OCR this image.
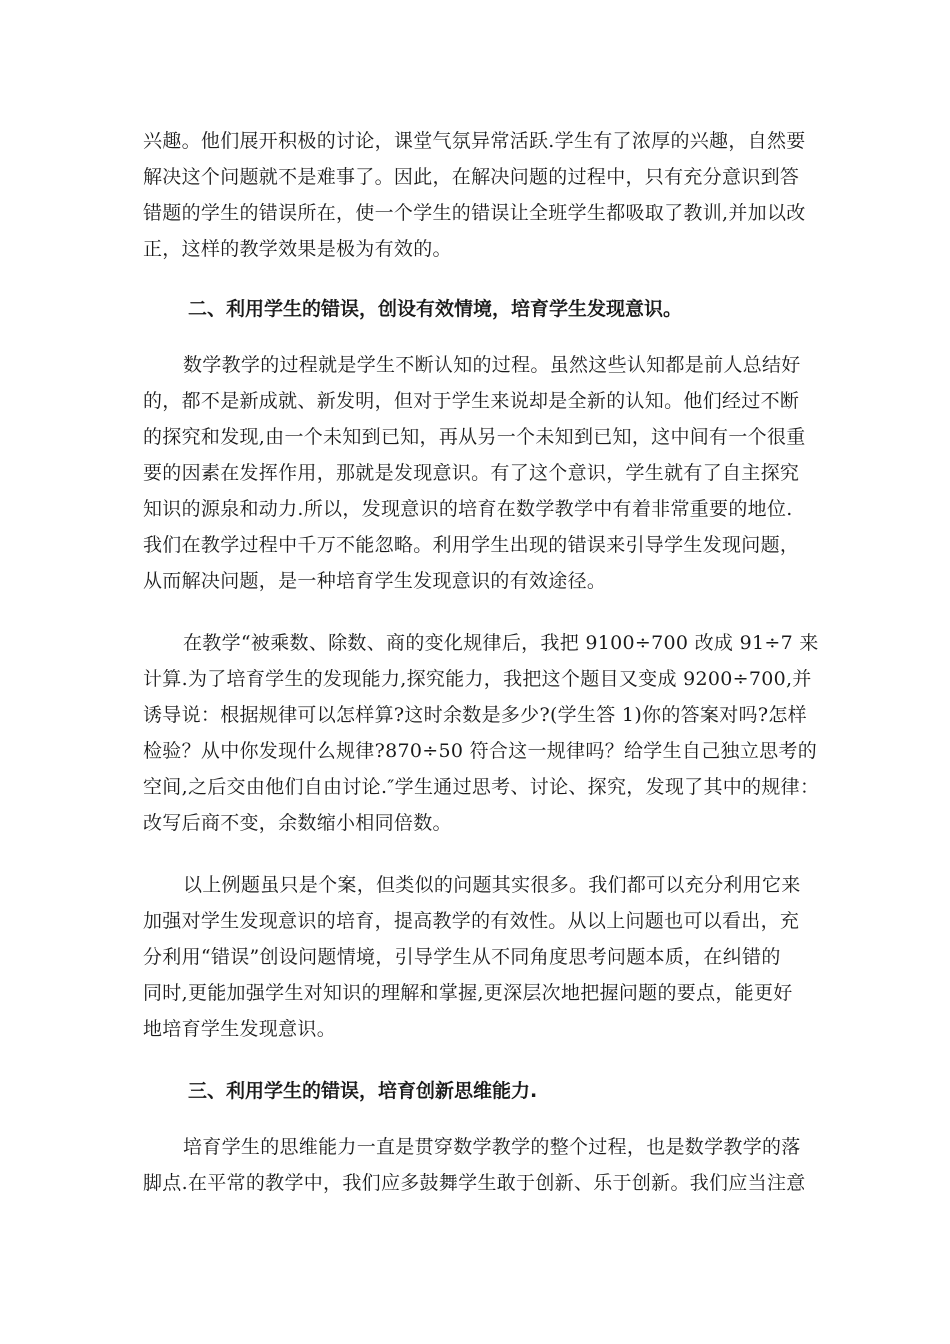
兴趣。他们展开积极的讨论，课堂气氛异常活跃.学生有了浓厚的兴趣，自然要
解决这个问题就不是难事了。因此，在解决问题的过程中，只有充分意识到答
错题的学生的错误所在，使一个学生的错误让全班学生都吸取了教训,并加以改
正，这样的教学效果是极为有效的。
二、利用学生的错误，创设有效情境，培育学生发现意识。
数学教学的过程就是学生不断认知的过程。虽然这些认知都是前人总结好
的，都不是新成就、新发明，但对于学生来说却是全新的认知。他们经过不断
的探究和发现,由一个未知到已知，再从另一个未知到已知，这中间有一个很重
要的因素在发挥作用，那就是发现意识。有了这个意识，学生就有了自主探究
知识的源泉和动力.所以，发现意识的培育在数学教学中有着非常重要的地位.
我们在教学过程中千万不能忽略。利用学生出现的错误来引导学生发现问题，
从而解决问题，是一种培育学生发现意识的有效途径。
在教学“被乘数、除数、商的变化规律后，我把 9100÷700 改成 91÷7 来
计算.为了培育学生的发现能力,探究能力，我把这个题目又变成 9200÷700,并
诱导说：根据规律可以怎样算?这时余数是多少?(学生答 1)你的答案对吗?怎样
检验？从中你发现什么规律?870÷50 符合这一规律吗？给学生自己独立思考的
空间,之后交由他们自由讨论.″学生通过思考、讨论、探究，发现了其中的规律：
改写后商不变，余数缩小相同倍数。
以上例题虽只是个案，但类似的问题其实很多。我们都可以充分利用它来
加强对学生发现意识的培育，提高教学的有效性。从以上问题也可以看出，充
分利用“错误”创设问题情境，引导学生从不同角度思考问题本质，在纠错的
同时,更能加强学生对知识的理解和掌握,更深层次地把握问题的要点，能更好
地培育学生发现意识。
三、利用学生的错误，培育创新思维能力.
培育学生的思维能力一直是贯穿数学教学的整个过程，也是数学教学的落
脚点.在平常的教学中，我们应多鼓舞学生敢于创新、乐于创新。我们应当注意
